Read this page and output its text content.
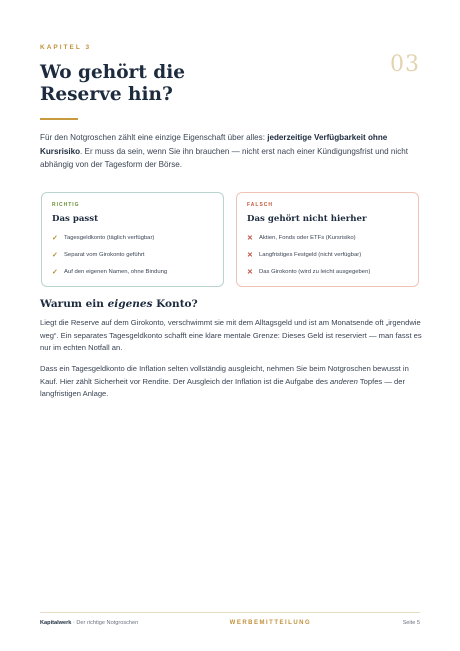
KAPITEL 3
03
Wo gehört die
Reserve hin?

Für den Notgroschen zählt eine einzige Eigenschaft über alles: jederzeitige Verfügbarkeit ohne Kursrisiko. Er muss da sein, wenn Sie ihn brauchen — nicht erst nach einer Kündigungsfrist und nicht abhängig von der Tagesform der Börse.

RICHTIG
Das passt
✓	Tagesgeldkonto (täglich verfügbar)
✓	Separat vom Girokonto geführt
✓	Auf den eigenen Namen, ohne Bindung
FALSCH
Das gehört nicht hierher
✕	Aktien, Fonds oder ETFs (Kursrisiko)
✕	Langfristiges Festgeld (nicht verfügbar)
✕	Das Girokonto (wird zu leicht ausgegeben)
Warum ein eigenes Konto?

Liegt die Reserve auf dem Girokonto, verschwimmt sie mit dem Alltagsgeld und ist am Monatsende oft „irgendwie weg“. Ein separates Tagesgeldkonto schafft eine klare mentale Grenze: Dieses Geld ist reserviert — man fasst es nur im echten Notfall an.

Dass ein Tagesgeldkonto die Inflation selten vollständig ausgleicht, nehmen Sie beim Notgroschen bewusst in Kauf. Hier zählt Sicherheit vor Rendite. Der Ausgleich der Inflation ist die Aufgabe des anderen Topfes — der langfristigen Anlage.

Kapitalwerk · Der richtige Notgroschen	WERBEMITTEILUNG	Seite 5
